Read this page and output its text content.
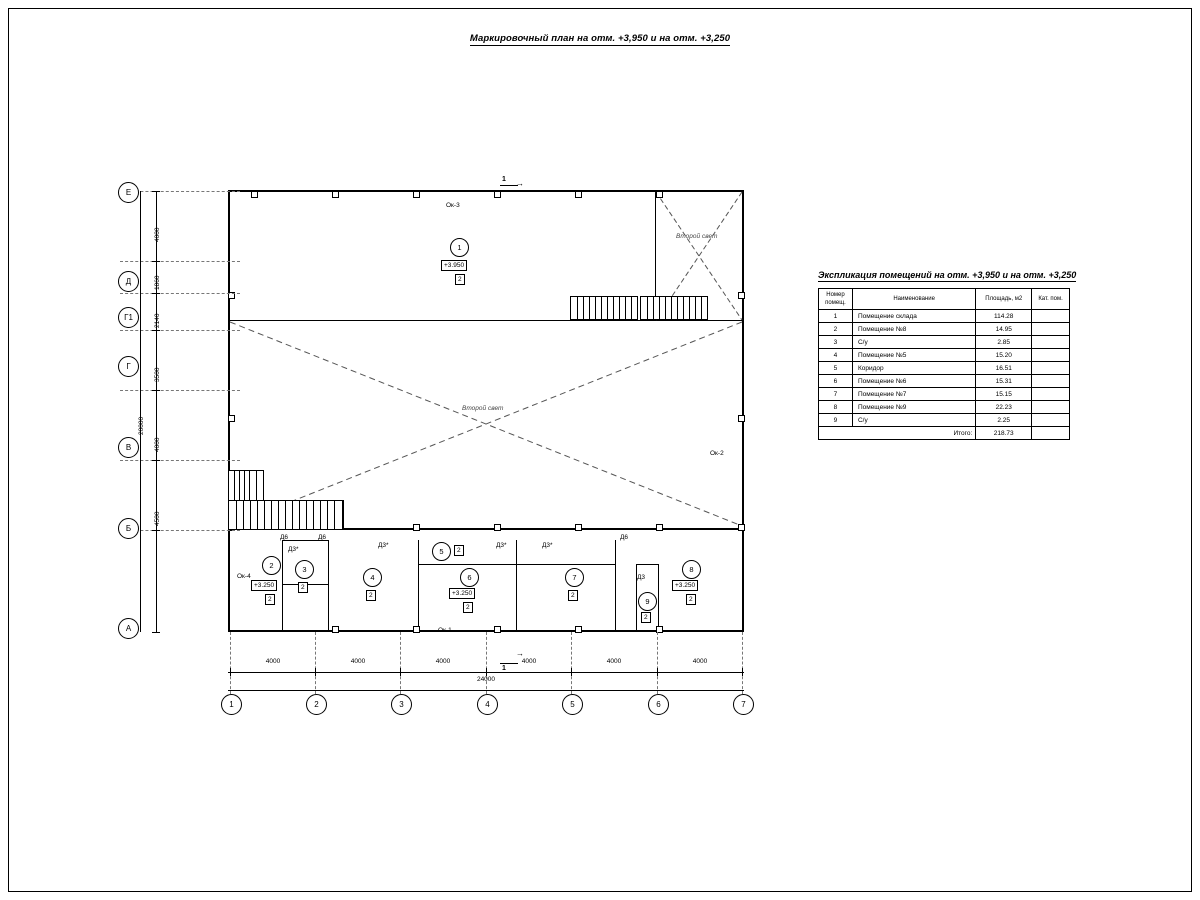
Маркировочный план на отм. +3,950 и на отм. +3,250
1 →
1
→
Ок-3
Ок-2
Ок-1
Ок-4
Второй свет
Второй свет
1
+3.950
2
2
+3.250
2
3
2
4
2
5	2
6
+3.250
2
7
2
8
+3.250
2
9
2
Д6	Д6	Д6
Д3*
Д3*	Д3*	Д3*
Д3
Е
Д
Г1
Г
В
Б
А
4000
1860
2140
3500
4000
4500
20000
4000	4000	4000	4000	4000	4000
24000
1	2	3	4	5	6	7
Экспликация помещений на отм. +3,950 и на отм. +3,250
Номер помещ.	Наименование	Площадь, м2	Кат. пом.
1	Помещение склада	114.28	
2	Помещение №8	14.95	
3	С/у	2.85	
4	Помещение №5	15.20	
5	Коридор	16.51	
6	Помещение №6	15.31	
7	Помещение №7	15.15	
8	Помещение №9	22.23	
9	С/у	2.25	
Итого:		218.73	
